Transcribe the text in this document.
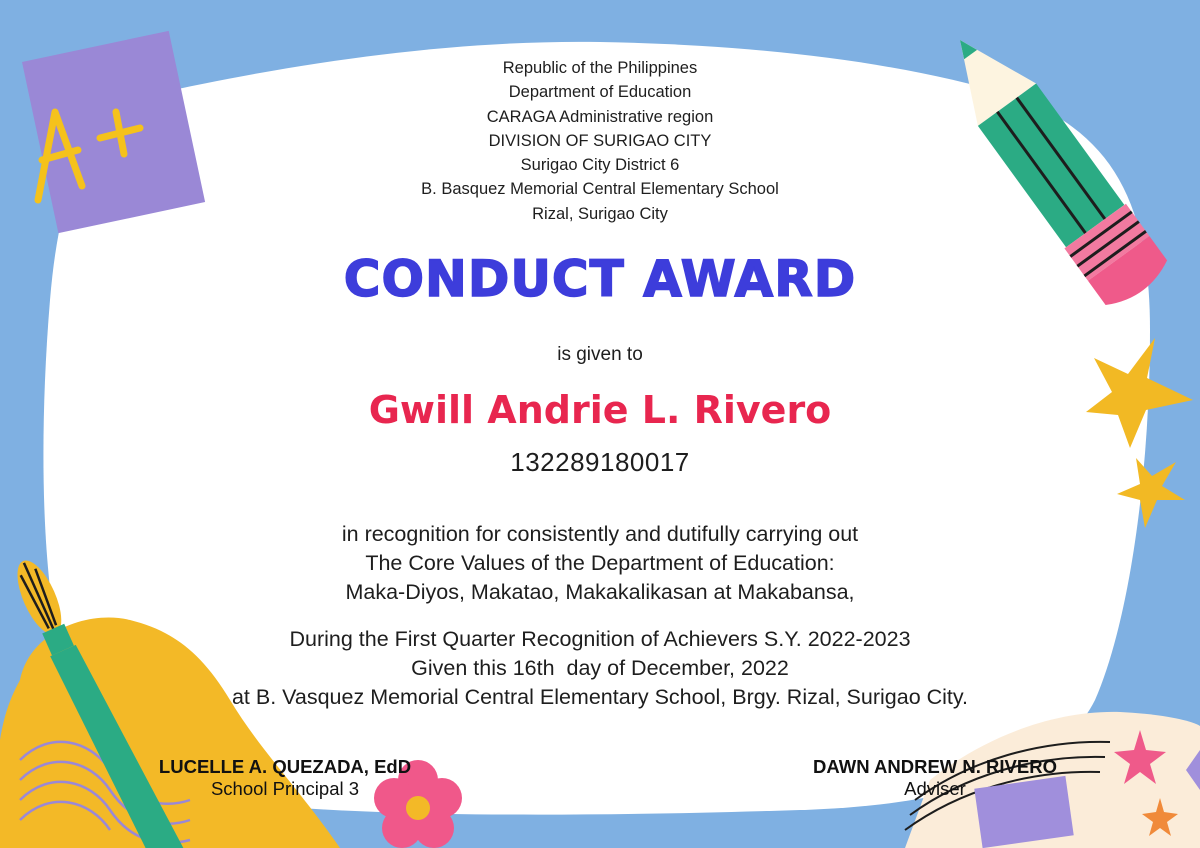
Republic of the Philippines
Department of Education
CARAGA Administrative region
DIVISION OF SURIGAO CITY
Surigao City District 6
B. Basquez Memorial Central Elementary School
Rizal, Surigao City
CONDUCT AWARD
is given to
Gwill Andrie L. Rivero
132289180017
in recognition for consistently and dutifully carrying out
The Core Values of the Department of Education:
Maka-Diyos, Makatao, Makakalikasan at Makabansa,
During the First Quarter Recognition of Achievers S.Y. 2022-2023
Given this 16th  day of December, 2022
at B. Vasquez Memorial Central Elementary School, Brgy. Rizal, Surigao City.
LUCELLE A. QUEZADA, EdD
School Principal 3
DAWN ANDREW N. RIVERO
Adviser
